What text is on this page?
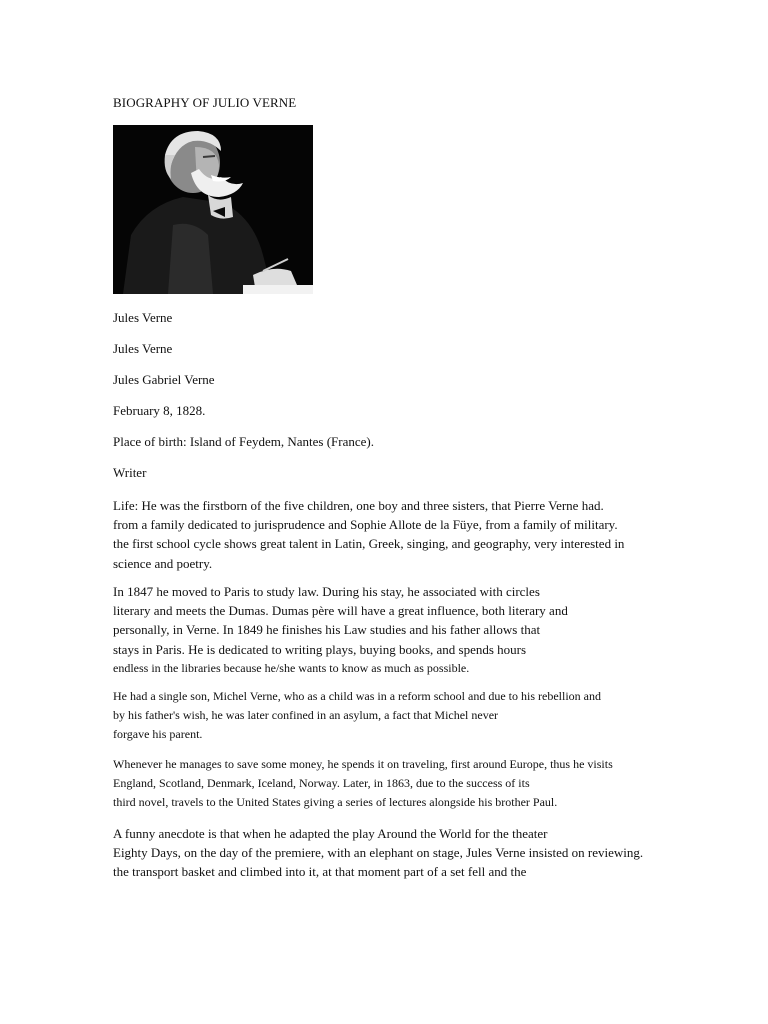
BIOGRAPHY OF JULIO VERNE
Jules Verne
Jules Verne
Jules Gabriel Verne
February 8, 1828.
Place of birth: Island of Feydem, Nantes (France).
Writer
Life: He was the firstborn of the five children, one boy and three sisters, that Pierre Verne had.
from a family dedicated to jurisprudence and Sophie Allote de la Füye, from a family of military.
the first school cycle shows great talent in Latin, Greek, singing, and geography, very interested in
science and poetry.
In 1847 he moved to Paris to study law. During his stay, he associated with circles
literary and meets the Dumas. Dumas père will have a great influence, both literary and
personally, in Verne. In 1849 he finishes his Law studies and his father allows that
stays in Paris. He is dedicated to writing plays, buying books, and spends hours
endless in the libraries because he/she wants to know as much as possible.
He had a single son, Michel Verne, who as a child was in a reform school and due to his rebellion and
by his father's wish, he was later confined in an asylum, a fact that Michel never
forgave his parent.
Whenever he manages to save some money, he spends it on traveling, first around Europe, thus he visits
England, Scotland, Denmark, Iceland, Norway. Later, in 1863, due to the success of its
third novel, travels to the United States giving a series of lectures alongside his brother Paul.
A funny anecdote is that when he adapted the play Around the World for the theater
Eighty Days, on the day of the premiere, with an elephant on stage, Jules Verne insisted on reviewing.
the transport basket and climbed into it, at that moment part of a set fell and the
